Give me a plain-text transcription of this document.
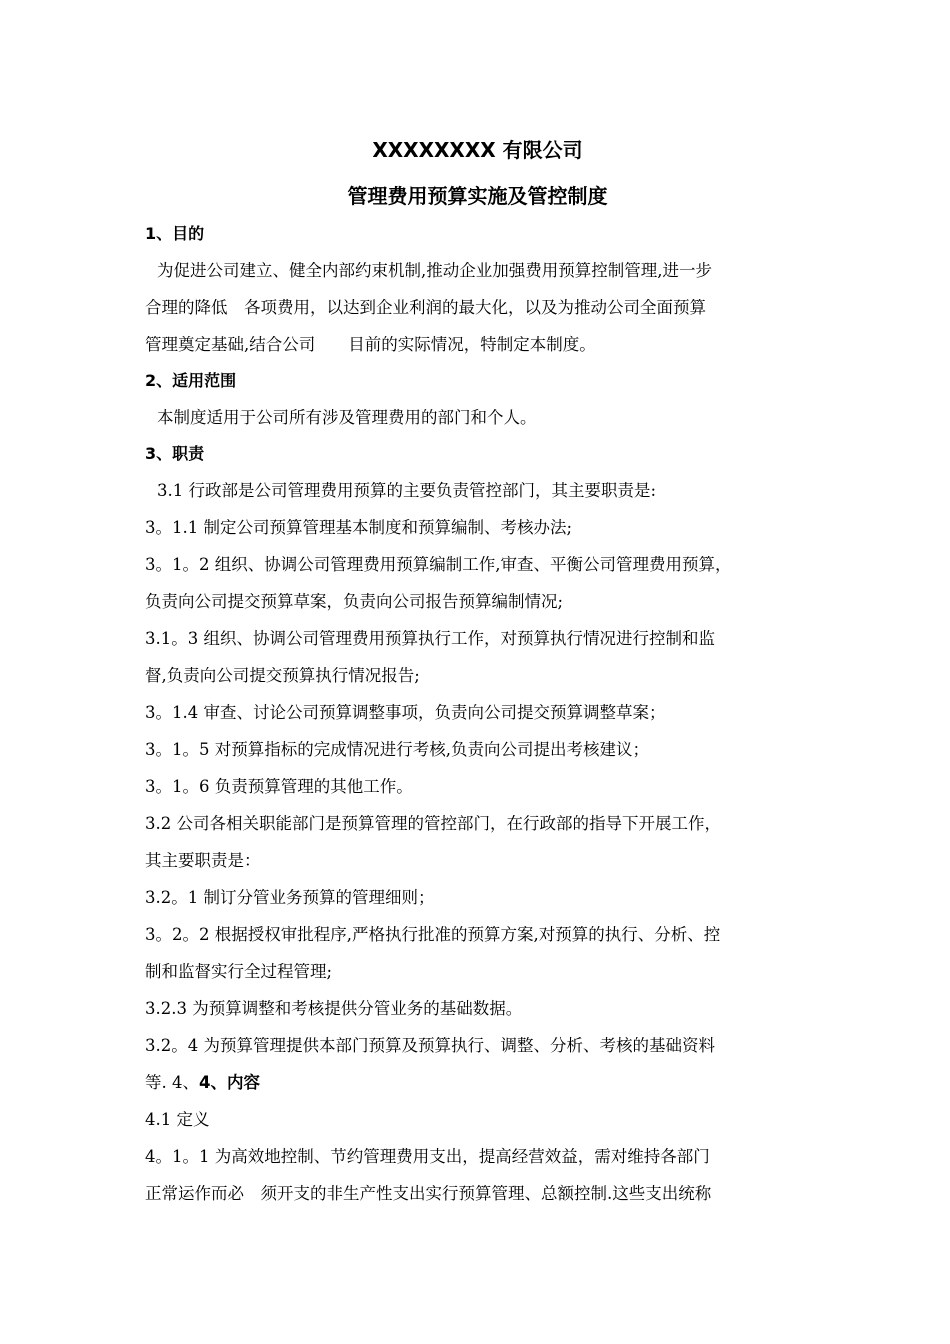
XXXXXXXX 有限公司

管理费用预算实施及管控制度

1、目的

为促进公司建立、健全内部约束机制,推动企业加强费用预算控制管理,进一步

合理的降低　各项费用，以达到企业利润的最大化，以及为推动公司全面预算

管理奠定基础,结合公司　　目前的实际情况，特制定本制度。

2、适用范围

本制度适用于公司所有涉及管理费用的部门和个人。

3、职责

3.1 行政部是公司管理费用预算的主要负责管控部门，其主要职责是:

3。1.1 制定公司预算管理基本制度和预算编制、考核办法;

3。1。2 组织、协调公司管理费用预算编制工作,审查、平衡公司管理费用预算，

负责向公司提交预算草案，负责向公司报告预算编制情况;

3.1。3 组织、协调公司管理费用预算执行工作，对预算执行情况进行控制和监

督,负责向公司提交预算执行情况报告;

3。1.4 审查、讨论公司预算调整事项，负责向公司提交预算调整草案；

3。1。5 对预算指标的完成情况进行考核,负责向公司提出考核建议；

3。1。6 负责预算管理的其他工作。

3.2 公司各相关职能部门是预算管理的管控部门，在行政部的指导下开展工作，

其主要职责是：

3.2。1 制订分管业务预算的管理细则；

3。2。2 根据授权审批程序,严格执行批准的预算方案,对预算的执行、分析、控

制和监督实行全过程管理;

3.2.3 为预算调整和考核提供分管业务的基础数据。

3.2。4 为预算管理提供本部门预算及预算执行、调整、分析、考核的基础资料

等. 4、4、内容

4.1 定义

4。1。1 为高效地控制、节约管理费用支出，提高经营效益，需对维持各部门

正常运作而必　须开支的非生产性支出实行预算管理、总额控制.这些支出统称
